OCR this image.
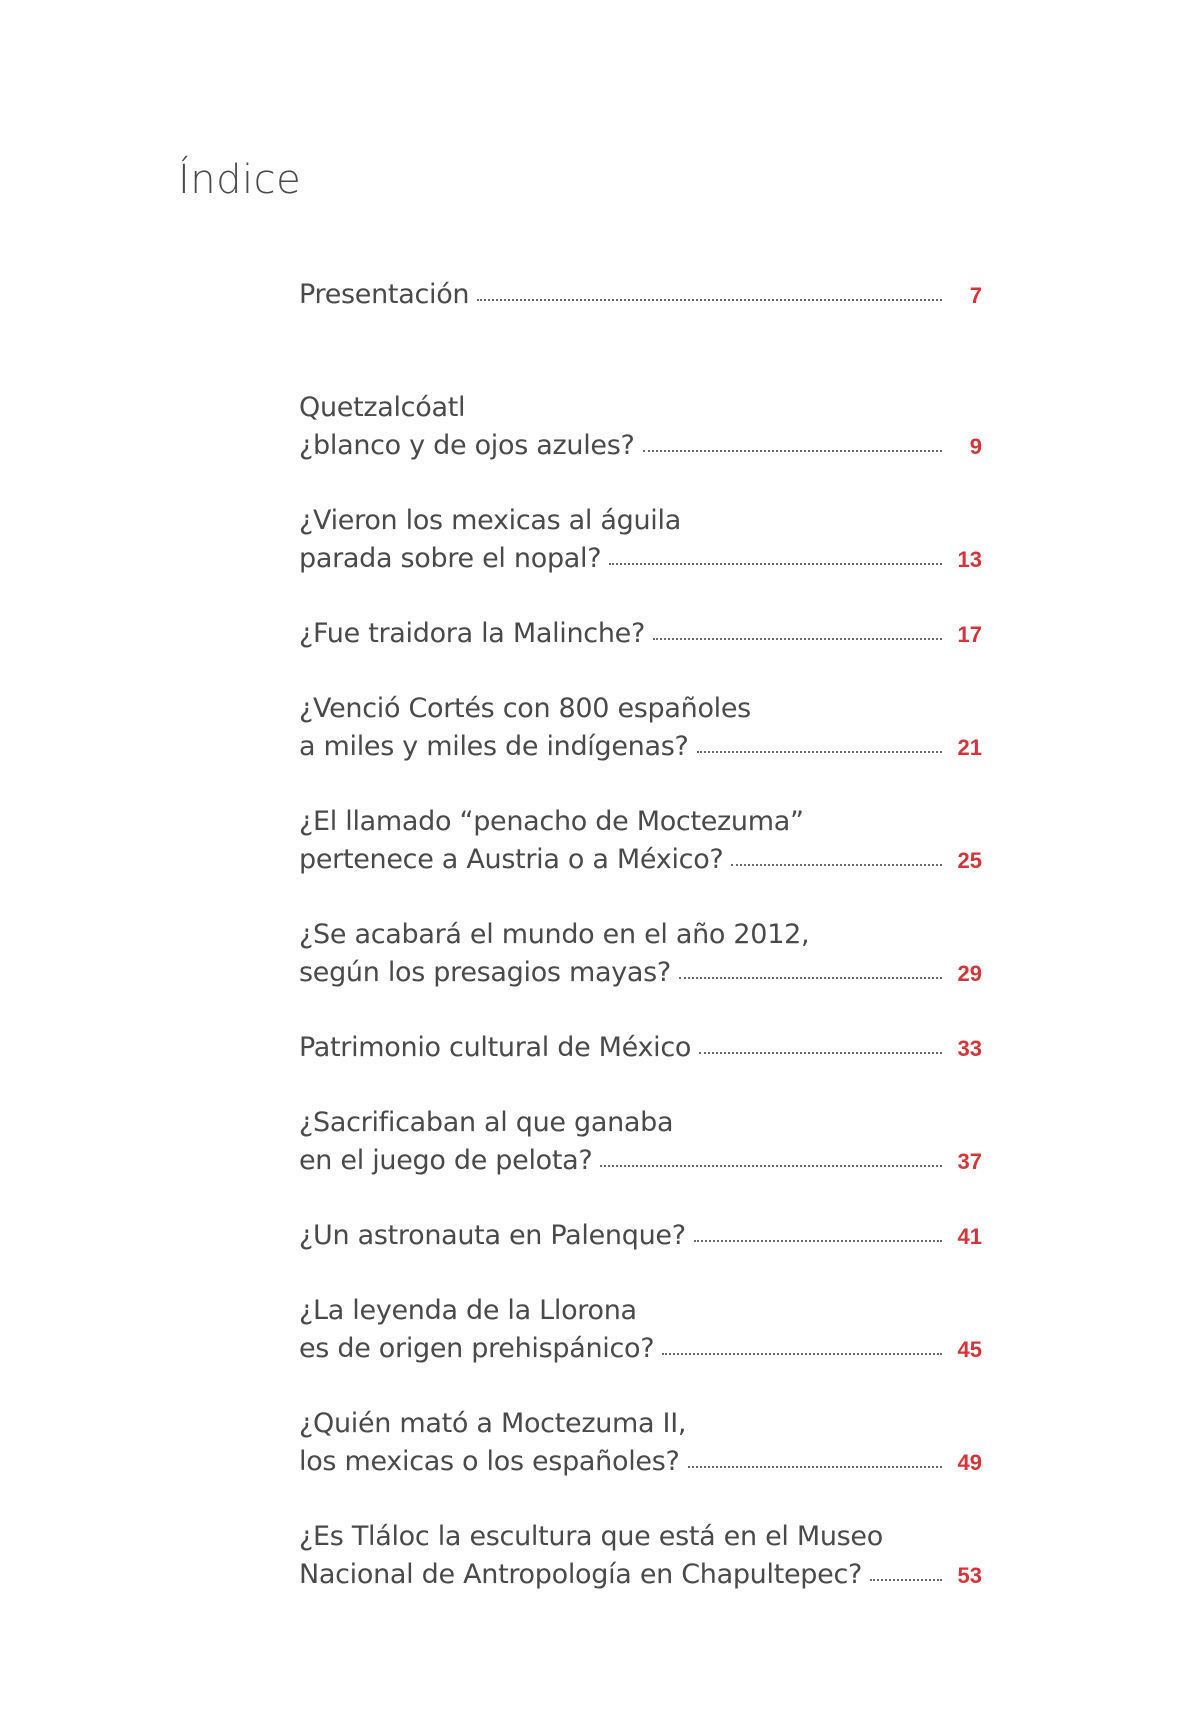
Índice
Presentación	7
Quetzalcóatl
¿blanco y de ojos azules?	9
¿Vieron los mexicas al águila
parada sobre el nopal?	13
¿Fue traidora la Malinche?	17
¿Venció Cortés con 800 españoles
a miles y miles de indígenas?	21
¿El llamado “penacho de Moctezuma”
pertenece a Austria o a México?	25
¿Se acabará el mundo en el año 2012,
según los presagios mayas?	29
Patrimonio cultural de México	33
¿Sacrificaban al que ganaba
en el juego de pelota?	37
¿Un astronauta en Palenque?	41
¿La leyenda de la Llorona
es de origen prehispánico?	45
¿Quién mató a Moctezuma II,
los mexicas o los españoles?	49
¿Es Tláloc la escultura que está en el Museo
Nacional de Antropología en Chapultepec?	53
